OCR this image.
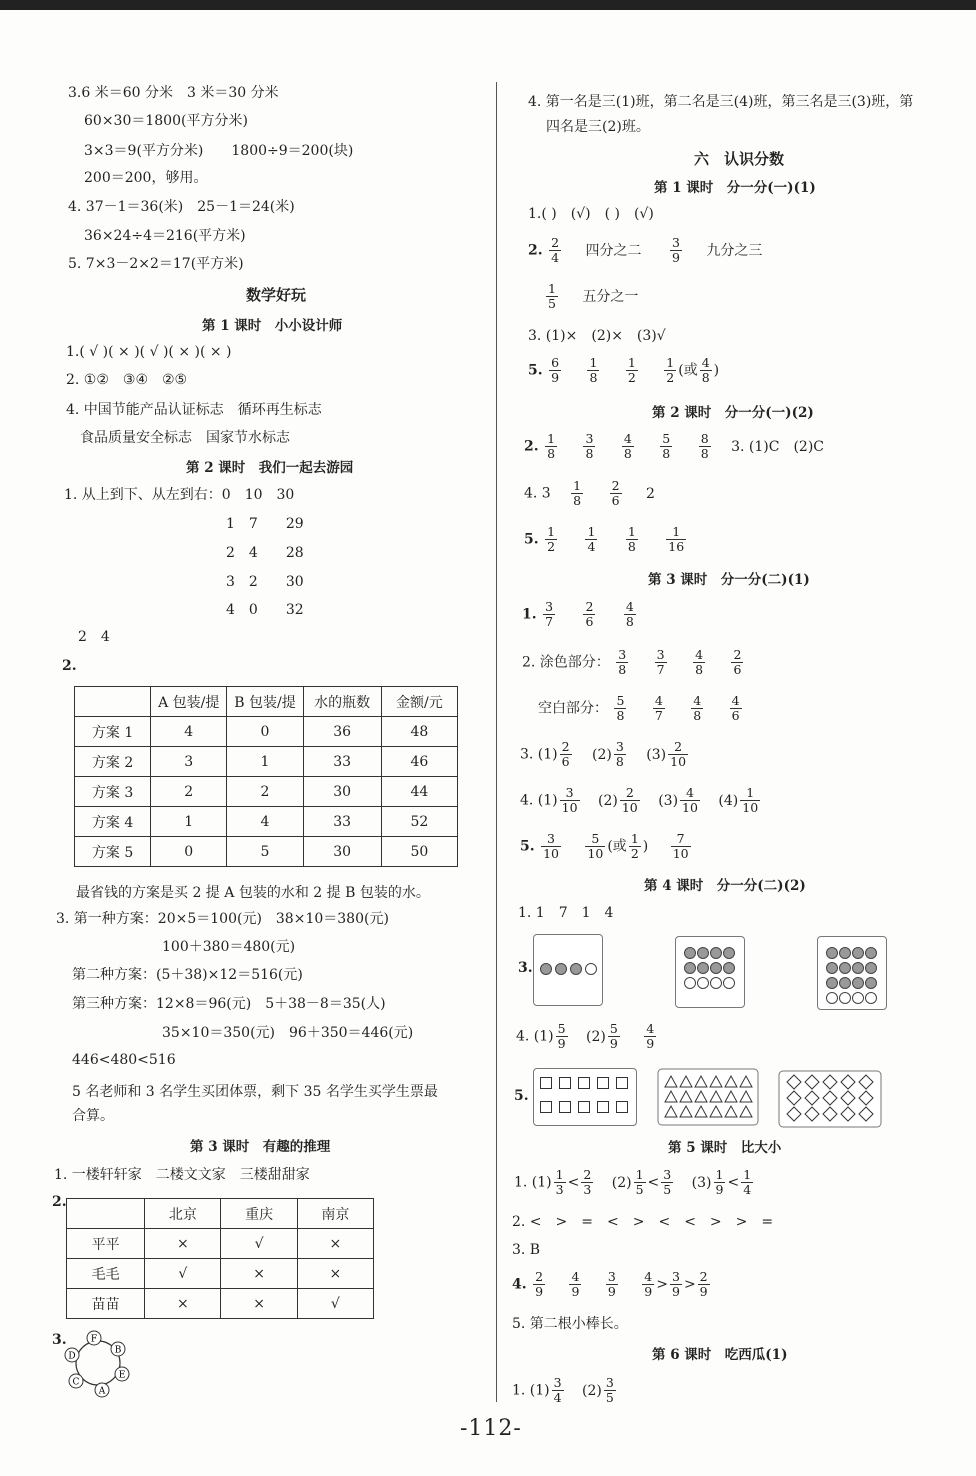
3.6 米＝60 分米　3 米＝30 分米
60×30＝1800(平方分米)
3×3＝9(平方分米)　　1800÷9＝200(块)
200＝200，够用。
4. 37－1＝36(米)　25－1＝24(米)
36×24÷4＝216(平方米)
5. 7×3－2×2＝17(平方米)
数学好玩
第 1 课时　小小设计师
1.( √ )( × )( √ )( × )( × )
2. ①②　③④　②⑤
4. 中国节能产品认证标志　循环再生标志
食品质量安全标志　国家节水标志
第 2 课时　我们一起去游园
1. 从上到下、从左到右：0　10　30
1　7　　29
2　4　　28
3　2　　30
4　0　　32
2　4
2.
	A 包装/提	B 包装/提	水的瓶数	金额/元
方案 1	4	0	36	48
方案 2	3	1	33	46
方案 3	2	2	30	44
方案 4	1	4	33	52
方案 5	0	5	30	50
最省钱的方案是买 2 提 A 包装的水和 2 提 B 包装的水。
3. 第一种方案：20×5＝100(元)　38×10＝380(元)
100＋380＝480(元)
第二种方案：(5＋38)×12＝516(元)
第三种方案：12×8＝96(元)　5＋38－8＝35(人)
35×10＝350(元)　96＋350＝446(元)
446<480<516
5 名老师和 3 名学生买团体票，剩下 35 名学生买学生票最
合算。
第 3 课时　有趣的推理
1. 一楼轩轩家　二楼文文家　三楼甜甜家
2.
	北京	重庆	南京
平平	×	√	×
毛毛	√	×	×
苗苗	×	×	√
3.	F
B
E
A
C
D
4. 第一名是三(1)班，第二名是三(4)班，第三名是三(3)班，第
四名是三(2)班。
六　认识分数
第 1 课时　分一分(一)(1)
1.( )　(√)　( )　(√)
2. $\frac{2}{4}$ 四分之二 $\frac{3}{9}$ 九分之三
$\frac{1}{5}$ 五分之一
3. (1)×　(2)×　(3)√
5. $\frac{6}{9}$
$\frac{1}{8}$
$\frac{1}{2}$
$\frac{1}{2}$ (或 $\frac{4}{8}$ )
第 2 课时　分一分(一)(2)
2. $\frac{1}{8}$
$\frac{3}{8}$
$\frac{4}{8}$
$\frac{5}{8}$
$\frac{8}{8} 3$. (1)C　(2)C
4. $3 \frac{1}{8}$
$\frac{2}{6} 2$
5. $\frac{1}{2}$
$\frac{1}{4}$
$\frac{1}{8}$
$\frac{1}{16}$
第 3 课时　分一分(二)(1)
1. $\frac{3}{7}$
$\frac{2}{6}$
$\frac{4}{8}$
2. 涂色部分： $\frac{3}{8}$
$\frac{3}{7}$
$\frac{4}{8}$
$\frac{2}{6}$
空白部分： $\frac{5}{8}$
$\frac{4}{7}$
$\frac{4}{8}$
$\frac{4}{6}$
3. $(1) \frac{2}{6} (2) \frac{3}{8} (3) \frac{2}{10}$
4. $(1) \frac{3}{10} (2) \frac{2}{10} (3) \frac{4}{10} (4) \frac{1}{10}$
5. $\frac{3}{10}$
$\frac{5}{10}$ (或 $\frac{1}{2}$ ) $\frac{7}{10}$
第 4 课时　分一分(二)(2)
1. 1　7　1　4
3.
4. $(1) \frac{5}{9} (2) \frac{5}{9}$
$\frac{4}{9}$
5.
第 5 课时　比大小
1. $(1) \frac{1}{3} < \frac{2}{3} (2) \frac{1}{5} < \frac{3}{5} (3) \frac{1}{9} < \frac{1}{4}$
2. <　>　=　<　>　<　<　>　>　=
3. B
4. $\frac{2}{9}$
$\frac{4}{9}$
$\frac{3}{9}$
$\frac{4}{9} > \frac{3}{9} > \frac{2}{9}$
5. 第二根小棒长。
第 6 课时　吃西瓜(1)
1. $(1) \frac{3}{4} (2) \frac{3}{5}$
-112-
